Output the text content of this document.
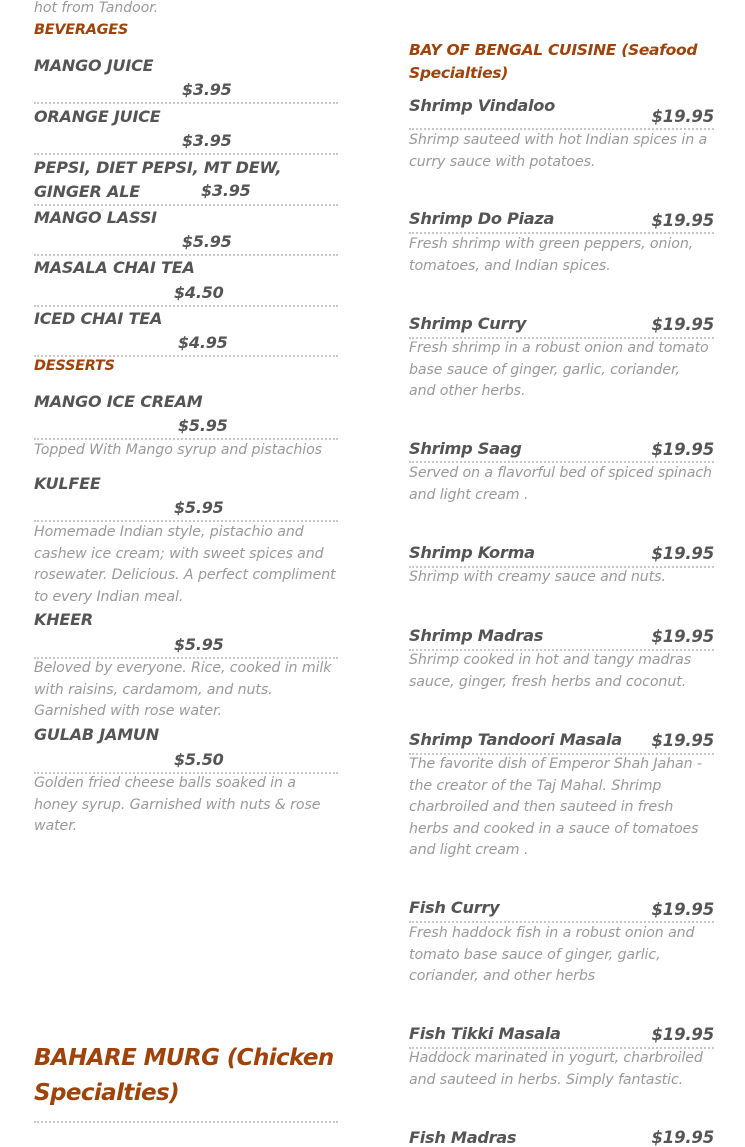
hot from Tandoor.
BEVERAGES
MANGO JUICE
$3.95
ORANGE JUICE
$3.95
PEPSI, DIET PEPSI, MT DEW, GINGER ALE	$3.95
MANGO LASSI
$5.95
MASALA CHAI TEA
$4.50
ICED CHAI TEA
$4.95
DESSERTS
MANGO ICE CREAM
$5.95
Topped With Mango syrup and pistachios
KULFEE
$5.95
Homemade Indian style, pistachio and cashew ice cream; with sweet spices and rosewater. Delicious. A perfect compliment to every Indian meal.
KHEER
$5.95
Beloved by everyone. Rice, cooked in milk with raisins, cardamom, and nuts. Garnished with rose water.
GULAB JAMUN
$5.50
Golden fried cheese balls soaked in a honey syrup. Garnished with nuts & rose water.
BAHARE MURG (Chicken Specialties)
BAY OF BENGAL CUISINE (Seafood Specialties)
Shrimp Vindaloo
$19.95
Shrimp sauteed with hot Indian spices in a curry sauce with potatoes.
Shrimp Do Piaza	$19.95
Fresh shrimp with green peppers, onion, tomatoes, and Indian spices.
Shrimp Curry	$19.95
Fresh shrimp in a robust onion and tomato base sauce of ginger, garlic, coriander, and other herbs.
Shrimp Saag	$19.95
Served on a flavorful bed of spiced spinach and light cream .
Shrimp Korma	$19.95
Shrimp with creamy sauce and nuts.
Shrimp Madras	$19.95
Shrimp cooked in hot and tangy madras sauce, ginger, fresh herbs and coconut.
Shrimp Tandoori Masala $19.95
The favorite dish of Emperor Shah Jahan - the creator of the Taj Mahal. Shrimp charbroiled and then sauteed in fresh herbs and cooked in a sauce of tomatoes and light cream .
Fish Curry	$19.95
Fresh haddock fish in a robust onion and tomato base sauce of ginger, garlic, coriander, and other herbs
Fish Tikki Masala	$19.95
Haddock marinated in yogurt, charbroiled and sauteed in herbs. Simply fantastic.
Fish Madras	$19.95
